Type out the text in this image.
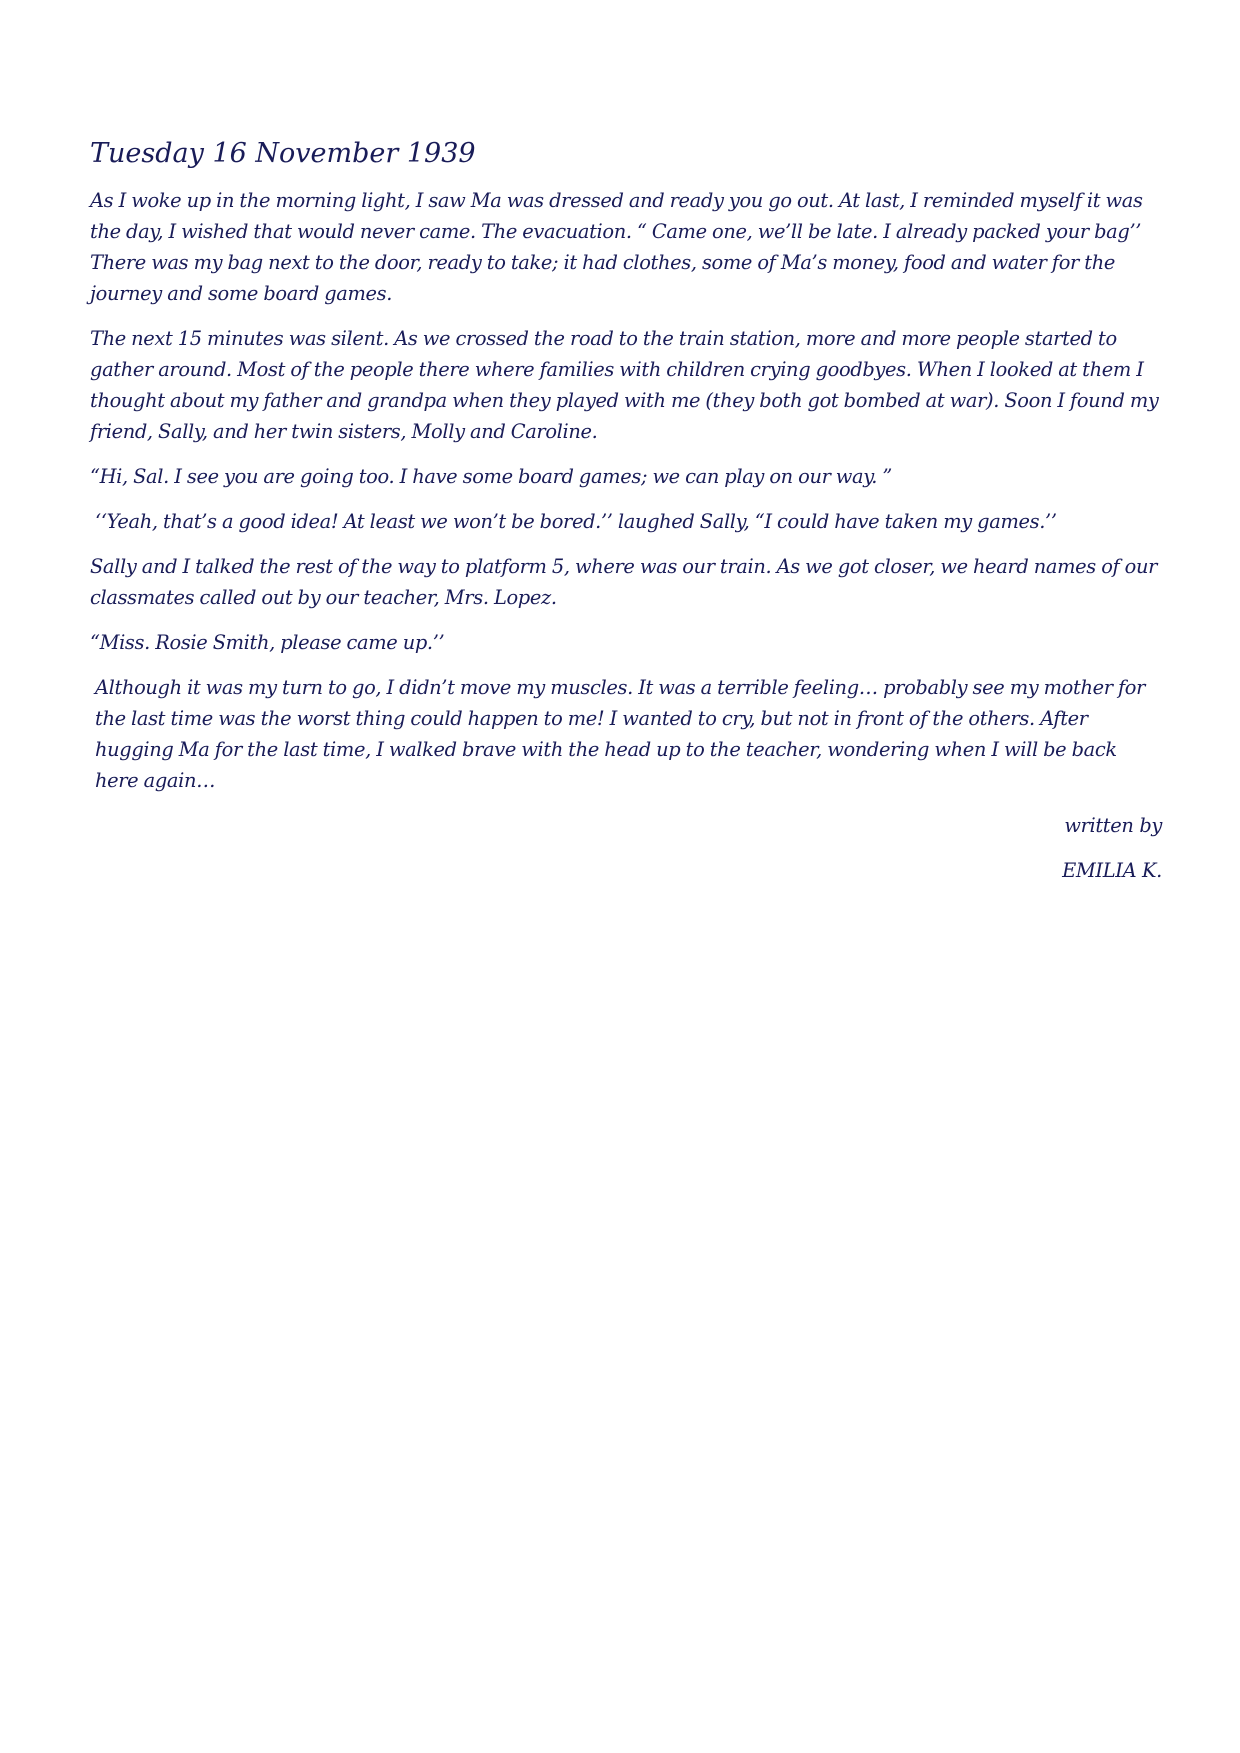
Tuesday 16 November 1939

As I woke up in the morning light, I saw Ma was dressed and ready you go out. At last, I reminded myself it was the day, I wished that would never came. The evacuation. “ Came one, we’ll be late. I already packed your bag’’ There was my bag next to the door, ready to take; it had clothes, some of Ma’s money, food and water for the journey and some board games.

The next 15 minutes was silent. As we crossed the road to the train station, more and more people started to gather around. Most of the people there where families with children crying goodbyes. When I looked at them I thought about my father and grandpa when they played with me (they both got bombed at war). Soon I found my friend, Sally, and her twin sisters, Molly and Caroline.

“Hi, Sal. I see you are going too. I have some board games; we can play on our way. ”

‘‘Yeah, that’s a good idea! At least we won’t be bored.’’ laughed Sally, “I could have taken my games.’’

Sally and I talked the rest of the way to platform 5, where was our train. As we got closer, we heard names of our classmates called out by our teacher, Mrs. Lopez.

“Miss. Rosie Smith, please came up.’’

Although it was my turn to go, I didn’t move my muscles. It was a terrible feeling… probably see my mother for the last time was the worst thing could happen to me! I wanted to cry, but not in front of the others. After hugging Ma for the last time, I walked brave with the head up to the teacher, wondering when I will be back here again…

written by

EMILIA K.
